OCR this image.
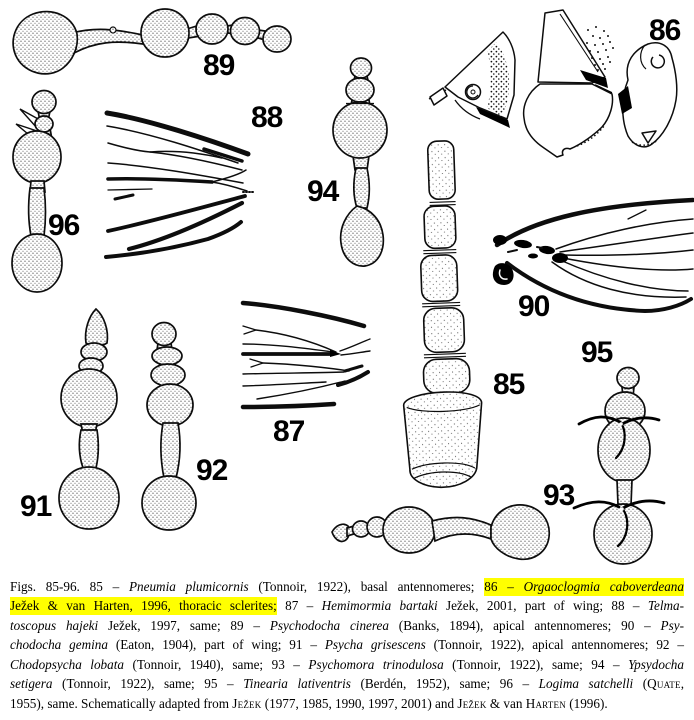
85
86
87
88
89
90
91
92
93
94
95
96
Figs. 85-96. 85 – Pneumia plumicornis (Tonnoir, 1922), basal antennomeres; 86 – Orgaoclogmia caboverdeana
Ježek & van Harten, 1996, thoracic sclerites; 87 – Hemimormia bartaki Ježek, 2001, part of wing; 88 – Telma-
toscopus hajeki Ježek, 1997, same; 89 – Psychodocha cinerea (Banks, 1894), apical antennomeres; 90 – Psy-
chodocha gemina (Eaton, 1904), part of wing; 91 – Psycha grisescens (Tonnoir, 1922), apical antennomeres; 92 –
Chodopsycha lobata (Tonnoir, 1940), same; 93 – Psychomora trinodulosa (Tonnoir, 1922), same; 94 – Ypsydocha
setigera (Tonnoir, 1922), same; 95 – Tinearia lativentris (Berdén, 1952), same; 96 – Logima satchelli (Quate,
1955), same. Schematically adapted from Ježek (1977, 1985, 1990, 1997, 2001) and Ježek & van Harten (1996).
